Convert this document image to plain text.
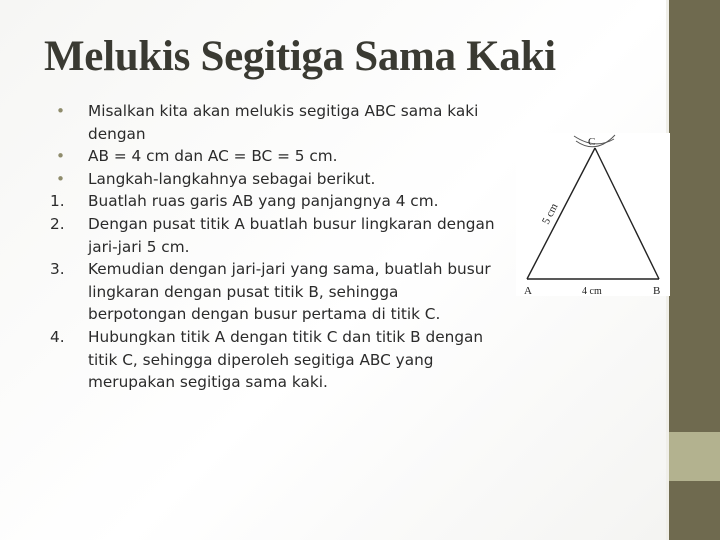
Melukis Segitiga Sama Kaki
•	Misalkan kita akan melukis segitiga ABC sama kaki dengan
•	AB = 4 cm dan AC = BC = 5 cm.
•	Langkah-langkahnya sebagai berikut.
1.	Buatlah ruas garis AB yang panjangnya 4 cm.
2.	Dengan pusat titik A buatlah busur lingkaran dengan jari-jari 5 cm.
3.	Kemudian dengan jari-jari yang sama, buatlah busur lingkaran dengan pusat titik B, sehingga berpotongan dengan busur pertama di titik C.
4.	Hubungkan titik A dengan titik C dan titik B dengan titik C, sehingga diperoleh segitiga ABC yang merupakan segitiga sama kaki.
C
A	B
4 cm
5 cm
